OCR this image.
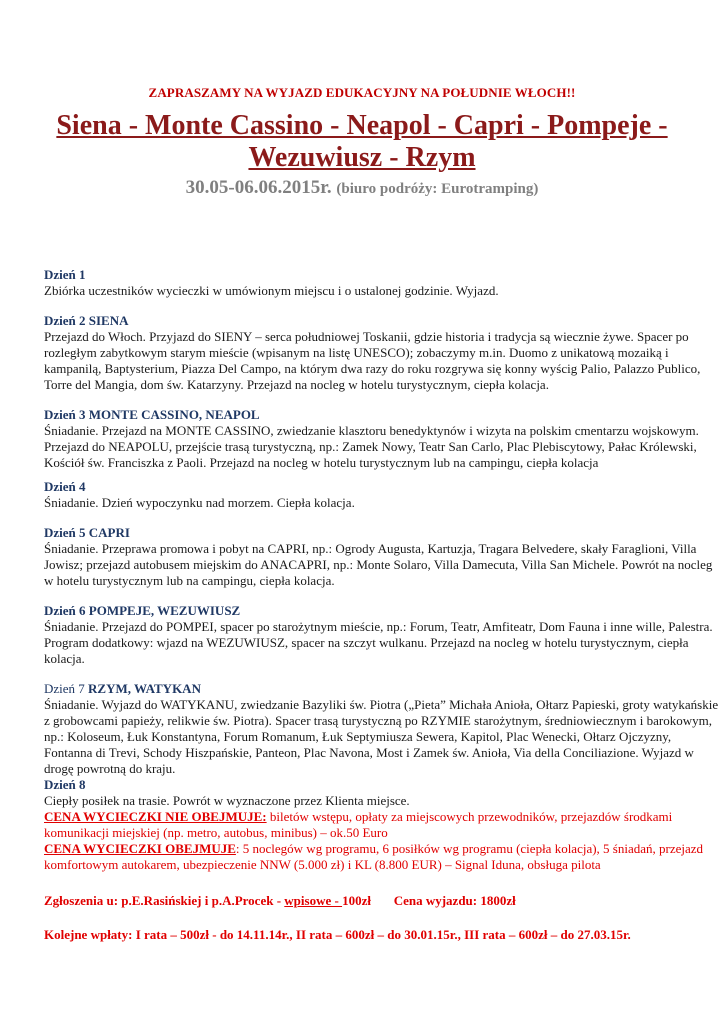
ZAPRASZAMY NA WYJAZD EDUKACYJNY NA POŁUDNIE WŁOCH!!
Siena - Monte Cassino - Neapol - Capri - Pompeje -
Wezuwiusz - Rzym
30.05-06.06.2015r. (biuro podróży: Eurotramping)
Dzień 1
Zbiórka uczestników wycieczki w umówionym miejscu i o ustalonej godzinie. Wyjazd.
Dzień 2 SIENA
Przejazd do Włoch. Przyjazd do SIENY – serca południowej Toskanii, gdzie historia i tradycja są wiecznie żywe. Spacer po rozległym zabytkowym starym mieście (wpisanym na listę UNESCO); zobaczymy m.in. Duomo z unikatową mozaiką i kampanilą, Baptysterium, Piazza Del Campo, na którym dwa razy do roku rozgrywa się konny wyścig Palio, Palazzo Publico, Torre del Mangia, dom św. Katarzyny. Przejazd na nocleg w hotelu turystycznym, ciepła kolacja.
Dzień 3 MONTE CASSINO, NEAPOL
Śniadanie. Przejazd na MONTE CASSINO, zwiedzanie klasztoru benedyktynów i wizyta na polskim cmentarzu wojskowym. Przejazd do NEAPOLU, przejście trasą turystyczną, np.: Zamek Nowy, Teatr San Carlo, Plac Plebiscytowy, Pałac Królewski, Kościół św. Franciszka z Paoli. Przejazd na nocleg w hotelu turystycznym lub na campingu, ciepła kolacja
Dzień 4
Śniadanie. Dzień wypoczynku nad morzem. Ciepła kolacja.
Dzień 5 CAPRI
Śniadanie. Przeprawa promowa i pobyt na CAPRI, np.: Ogrody Augusta, Kartuzja, Tragara Belvedere, skały Faraglioni, Villa Jowisz; przejazd autobusem miejskim do ANACAPRI, np.: Monte Solaro, Villa Damecuta, Villa San Michele. Powrót na nocleg w hotelu turystycznym lub na campingu, ciepła kolacja.
Dzień 6 POMPEJE, WEZUWIUSZ
Śniadanie. Przejazd do POMPEI, spacer po starożytnym mieście, np.: Forum, Teatr, Amfiteatr, Dom Fauna i inne wille, Palestra. Program dodatkowy: wjazd na WEZUWIUSZ, spacer na szczyt wulkanu. Przejazd na nocleg w hotelu turystycznym, ciepła kolacja.
Dzień 7 RZYM, WATYKAN
Śniadanie. Wyjazd do WATYKANU, zwiedzanie Bazyliki św. Piotra („Pieta” Michała Anioła, Ołtarz Papieski, groty watykańskie z grobowcami papieży, relikwie św. Piotra). Spacer trasą turystyczną po RZYMIE starożytnym, średniowiecznym i barokowym, np.: Koloseum, Łuk Konstantyna, Forum Romanum, Łuk Septymiusza Sewera, Kapitol, Plac Wenecki, Ołtarz Ojczyzny, Fontanna di Trevi, Schody Hiszpańskie, Panteon, Plac Navona, Most i Zamek św. Anioła, Via della Conciliazione. Wyjazd w drogę powrotną do kraju.
Dzień 8
Ciepły posiłek na trasie. Powrót w wyznaczone przez Klienta miejsce.
CENA WYCIECZKI NIE OBEJMUJE: biletów wstępu, opłaty za miejscowych przewodników, przejazdów środkami komunikacji miejskiej (np. metro, autobus, minibus) – ok.50 Euro
CENA WYCIECZKI OBEJMUJE: 5 noclegów wg programu, 6 posiłków wg programu (ciepła kolacja), 5 śniadań, przejazd komfortowym autokarem, ubezpieczenie NNW (5.000 zł) i KL (8.800 EUR) – Signal Iduna, obsługa pilota
Zgłoszenia u: p.E.Rasińskiej i p.A.Procek - wpisowe - 100zł Cena wyjazdu: 1800zł
Kolejne wpłaty: I rata – 500zł - do 14.11.14r., II rata – 600zł – do 30.01.15r., III rata – 600zł – do 27.03.15r.
